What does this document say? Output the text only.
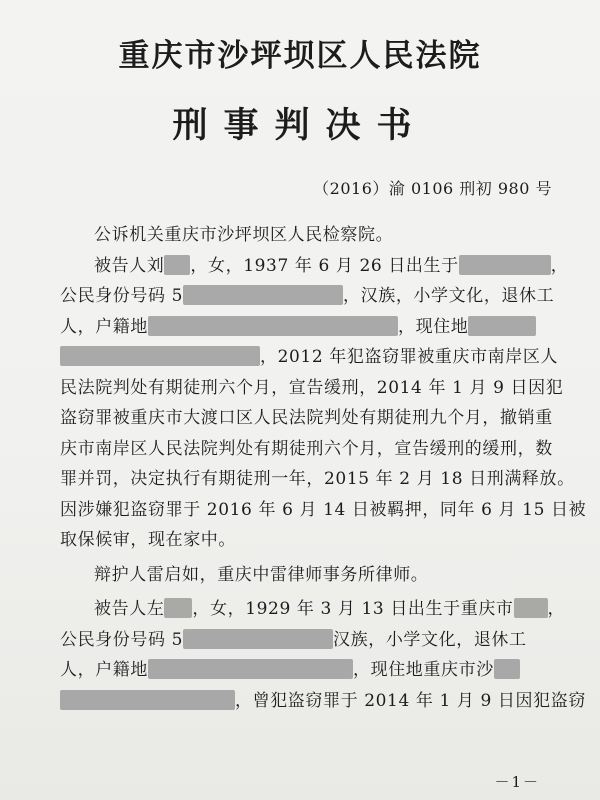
重庆市沙坪坝区人民法院
刑事判决书
（2016）渝 0106 刑初 980 号
公诉机关重庆市沙坪坝区人民检察院。
被告人刘 ，女，1937 年 6 月 26 日出生于	，
公民身份号码 5	，汉族，小学文化，退休工
人，户籍地	，现住地
，2012 年犯盗窃罪被重庆市南岸区人
民法院判处有期徒刑六个月，宣告缓刑，2014 年 1 月 9 日因犯
盗窃罪被重庆市大渡口区人民法院判处有期徒刑九个月，撤销重
庆市南岸区人民法院判处有期徒刑六个月，宣告缓刑的缓刑，数
罪并罚，决定执行有期徒刑一年，2015 年 2 月 18 日刑满释放。
因涉嫌犯盗窃罪于 2016 年 6 月 14 日被羁押，同年 6 月 15 日被
取保候审，现在家中。
辩护人雷启如，重庆中雷律师事务所律师。
被告人左 ，女，1929 年 3 月 13 日出生于重庆市 ，
公民身份号码 5	汉族，小学文化，退休工
人，户籍地	，现住地重庆市沙
，曾犯盗窃罪于 2014 年 1 月 9 日因犯盗窃
－1－
